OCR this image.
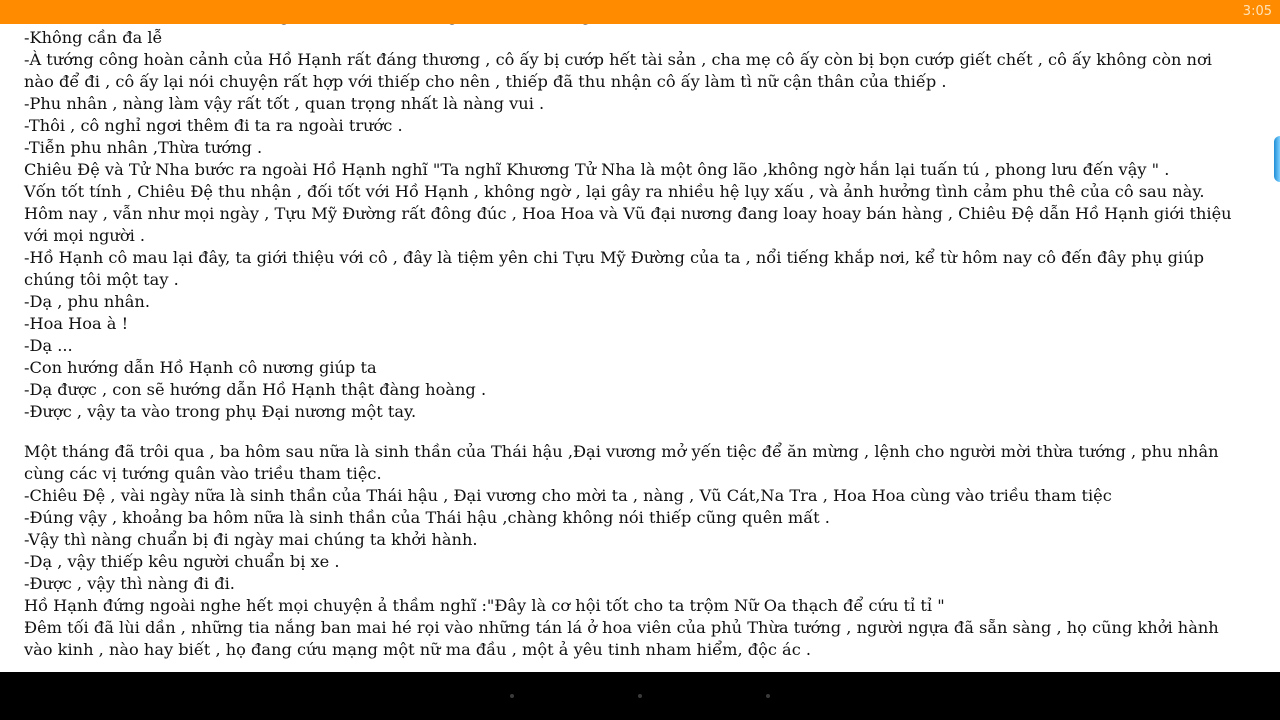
-Không cần đa lễ

-À tướng công hoàn cảnh của Hồ Hạnh rất đáng thương , cô ấy bị cướp hết tài sản , cha mẹ cô ấy còn bị bọn cướp giết chết , cô ấy không còn nơi nào để đi , cô ấy lại nói chuyện rất hợp với thiếp cho nên , thiếp đã thu nhận cô ấy làm tì nữ cận thân của thiếp .

-Phu nhân , nàng làm vậy rất tốt , quan trọng nhất là nàng vui .

-Thôi , cô nghỉ ngơi thêm đi ta ra ngoài trước .

-Tiễn phu nhân ,Thừa tướng .

Chiêu Đệ và Tử Nha bước ra ngoài Hồ Hạnh nghĩ "Ta nghĩ Khương Tử Nha là một ông lão ,không ngờ hắn lại tuấn tú , phong lưu đến vậy " .

Vốn tốt tính , Chiêu Đệ thu nhận , đối tốt với Hồ Hạnh , không ngờ , lại gây ra nhiều hệ lụy xấu , và ảnh hưởng tình cảm phu thê của cô sau này.

Hôm nay , vẫn như mọi ngày , Tựu Mỹ Đường rất đông đúc , Hoa Hoa và Vũ đại nương đang loay hoay bán hàng , Chiêu Đệ dẫn Hồ Hạnh giới thiệu với mọi người .

-Hồ Hạnh cô mau lại đây, ta giới thiệu với cô , đây là tiệm yên chi Tựu Mỹ Đường của ta , nổi tiếng khắp nơi, kể từ hôm nay cô đến đây phụ giúp chúng tôi một tay .

-Dạ , phu nhân.

-Hoa Hoa à !

-Dạ ...

-Con hướng dẫn Hồ Hạnh cô nương giúp ta

-Dạ được , con sẽ hướng dẫn Hồ Hạnh thật đàng hoàng .

-Được , vậy ta vào trong phụ Đại nương một tay.

Một tháng đã trôi qua , ba hôm sau nữa là sinh thần của Thái hậu ,Đại vương mở yến tiệc để ăn mừng , lệnh cho người mời thừa tướng , phu nhân cùng các vị tướng quân vào triều tham tiệc.

-Chiêu Đệ , vài ngày nữa là sinh thần của Thái hậu , Đại vương cho mời ta , nàng , Vũ Cát,Na Tra , Hoa Hoa cùng vào triều tham tiệc

-Đúng vậy , khoảng ba hôm nữa là sinh thần của Thái hậu ,chàng không nói thiếp cũng quên mất .

-Vậy thì nàng chuẩn bị đi ngày mai chúng ta khởi hành.

-Dạ , vậy thiếp kêu người chuẩn bị xe .

-Được , vậy thì nàng đi đi.

Hồ Hạnh đứng ngoài nghe hết mọi chuyện ả thầm nghĩ :"Đây là cơ hội tốt cho ta trộm Nữ Oa thạch để cứu tỉ tỉ "

Đêm tối đã lùi dần , những tia nắng ban mai hé rọi vào những tán lá ở hoa viên của phủ Thừa tướng , người ngựa đã sẵn sàng , họ cũng khởi hành vào kinh , nào hay biết , họ đang cứu mạng một nữ ma đầu , một ả yêu tinh nham hiểm, độc ác .

3:05
